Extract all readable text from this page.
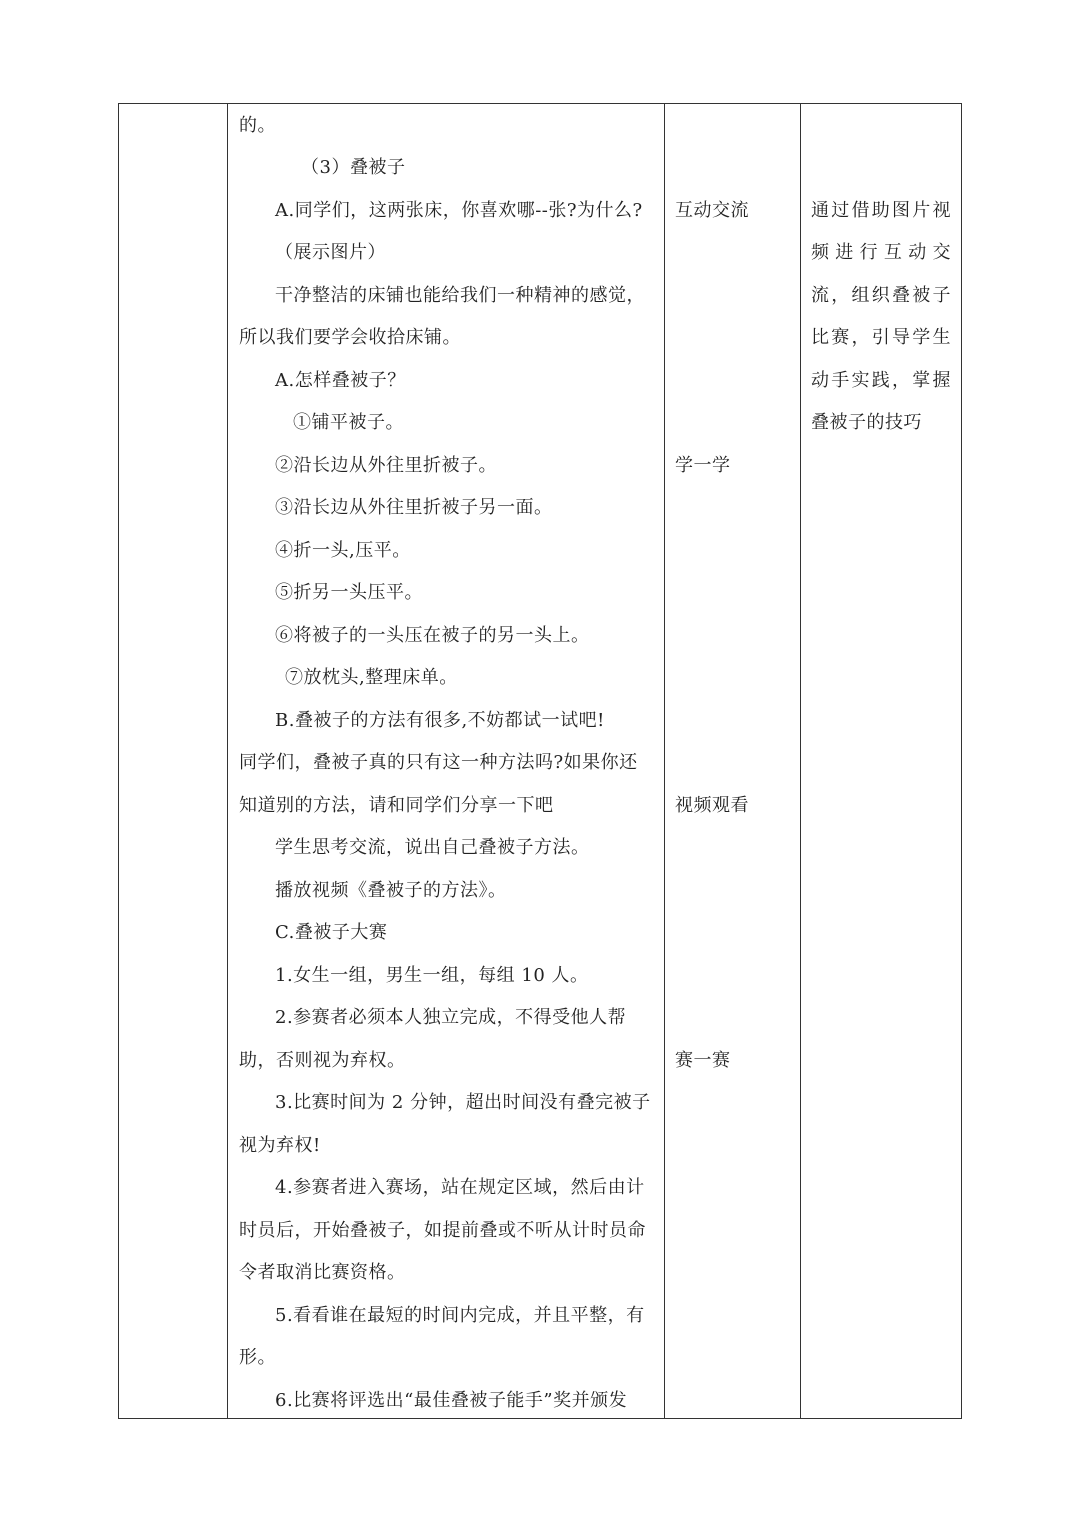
的。
（3）叠被子
A.同学们，这两张床，你喜欢哪--张?为什么?
（展示图片）
干净整洁的床铺也能给我们一种精神的感觉，
所以我们要学会收拾床铺。
A.怎样叠被子？
①铺平被子。
②沿长边从外往里折被子。
③沿长边从外往里折被子另一面。
④折一头,压平。
⑤折另一头压平。
⑥将被子的一头压在被子的另一头上。
⑦放枕头,整理床单。
B.叠被子的方法有很多,不妨都试一试吧!
同学们，叠被子真的只有这一种方法吗?如果你还
知道别的方法，请和同学们分享一下吧
学生思考交流，说出自己叠被子方法。
播放视频《叠被子的方法》。
C.叠被子大赛
1.女生一组，男生一组，每组 10 人。
2.参赛者必须本人独立完成，不得受他人帮
助，否则视为弃权。
3.比赛时间为 2 分钟，超出时间没有叠完被子
视为弃权!
4.参赛者进入赛场，站在规定区域，然后由计
时员后，开始叠被子，如提前叠或不听从计时员命
令者取消比赛资格。
5.看看谁在最短的时间内完成，并且平整，有
形。
6.比赛将评选出“最佳叠被子能手”奖并颁发
互动交流
学一学
视频观看
赛一赛
通过借助图片视
频进行互动交
流，组织叠被子
比赛，引导学生
动手实践，掌握
叠被子的技巧
